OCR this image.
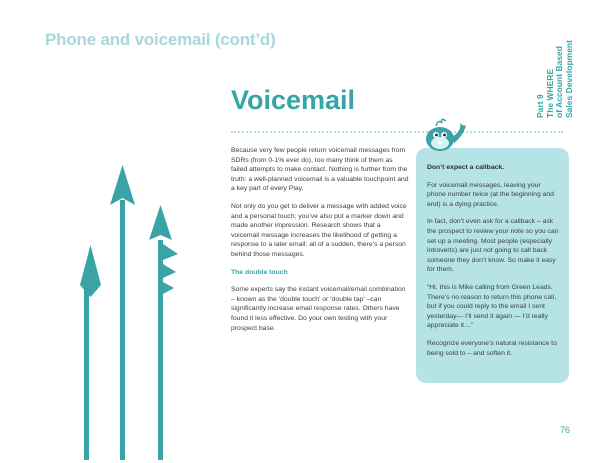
Phone and voicemail (cont’d)
Part 9 The WHERE of Account Based Sales Development
Voicemail

Because very few people return voicemail messages from SDRs (from 0-1% ever do), too many think of them as failed attempts to make contact. Nothing is further from the truth: a well-planned voicemail is a valuable touchpoint and a key part of every Play.

Not only do you get to deliver a message with added voice and a personal touch; you’ve also put a marker down and made another impression. Research shows that a voicemail message increases the likelihood of getting a response to a later email: all of a sudden, there’s a person behind those messages.

The double touch

Some experts say the instant voicemail/email combination – known as the ‘double touch’ or ‘double tap’ –can significantly increase email response rates. Others have found it less effective. Do your own testing with your prospect base.

Don’t expect a callback.

For voicemail messages, leaving your phone number twice (at the beginning and end) is a dying practice.

In fact, don’t even ask for a callback – ask the prospect to review your note so you can set up a meeting. Most people (especially introverts) are just not going to call back someone they don’t know. So make it easy for them.

“Hi, this is Mike calling from Green Leads. There’s no reason to return this phone call, but if you could reply to the email I sent yesterday— I’ll send it again — I’d really appreciate it…”

Recognize everyone’s natural resistance to being sold to – and soften it.

76
